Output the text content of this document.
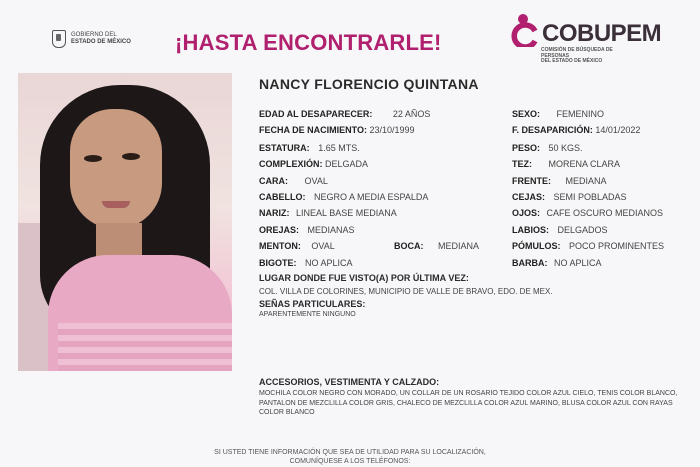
GOBIERNO DEL
ESTADO DE MÉXICO ¡HASTA ENCONTRARLE!	COBUPEM
COMISIÓN DE BÚSQUEDA DE PERSONAS
DEL ESTADO DE MÉXICO
NANCY FLORENCIO QUINTANA
EDAD AL DESAPARECER: 22 AÑOS	SEXO: FEMENINO
FECHA DE NACIMIENTO: 23/10/1999	F. DESAPARICIÓN: 14/01/2022
ESTATURA: 1.65 MTS.	PESO: 50 KGS.
COMPLEXIÓN: DELGADA	TEZ: MORENA CLARA
CARA: OVAL	FRENTE: MEDIANA
CABELLO: NEGRO A MEDIA ESPALDA	CEJAS: SEMI POBLADAS
NARIZ: LINEAL BASE MEDIANA	OJOS: CAFE OSCURO MEDIANOS
OREJAS: MEDIANAS	LABIOS: DELGADOS
MENTON: OVAL	BOCA: MEDIANA	PÓMULOS: POCO PROMINENTES
BIGOTE: NO APLICA	BARBA: NO APLICA
LUGAR DONDE FUE VISTO(A) POR ÚLTIMA VEZ:
COL. VILLA DE COLORINES, MUNICIPIO DE VALLE DE BRAVO, EDO. DE MEX.
SEÑAS PARTICULARES:
APARENTEMENTE NINGUNO
ACCESORIOS, VESTIMENTA Y CALZADO:
MOCHILA COLOR NEGRO CON MORADO, UN COLLAR DE UN ROSARIO TEJIDO COLOR AZUL CIELO, TENIS COLOR BLANCO, PANTALON DE MEZCLILLA COLOR GRIS, CHALECO DE MEZCLILLA COLOR AZUL MARINO, BLUSA COLOR AZUL CON RAYAS COLOR BLANCO
SI USTED TIENE INFORMACIÓN QUE SEA DE UTILIDAD PARA SU LOCALIZACIÓN,
COMUNÍQUESE A LOS TELÉFONOS:
